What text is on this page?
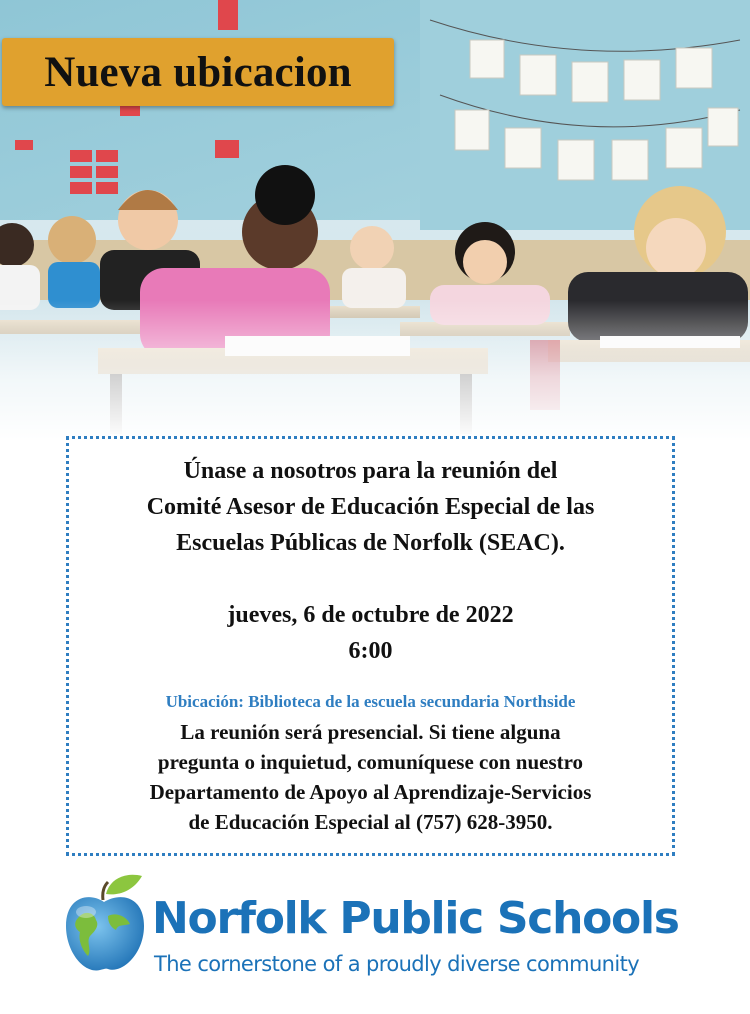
Nueva ubicacion
Únase a nosotros para la reunión del
Comité Asesor de Educación Especial de las
Escuelas Públicas de Norfolk (SEAC).
jueves, 6 de octubre de 2022
6:00
Ubicación: Biblioteca de la escuela secundaria Northside
La reunión será presencial. Si tiene alguna
pregunta o inquietud, comuníquese con nuestro
Departamento de Apoyo al Aprendizaje-Servicios
de Educación Especial al (757) 628-3950.
Norfolk Public Schools
The cornerstone of a proudly diverse community
